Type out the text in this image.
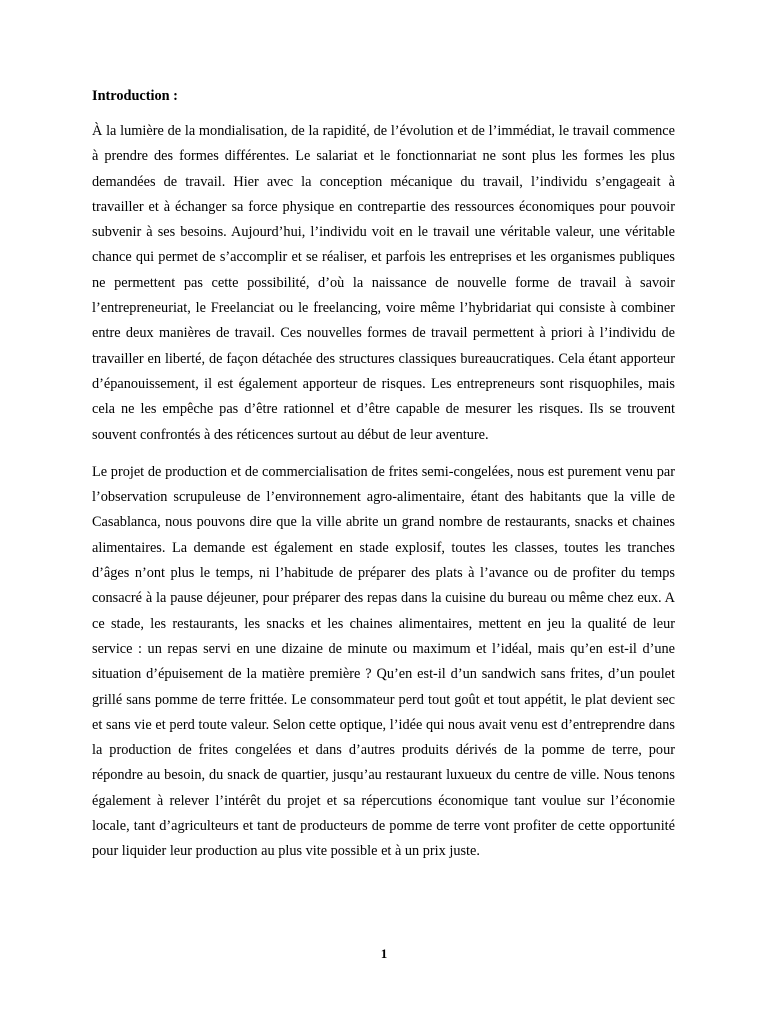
Introduction :

À la lumière de la mondialisation, de la rapidité, de l’évolution et de l’immédiat, le travail commence à prendre des formes différentes. Le salariat et le fonctionnariat ne sont plus les formes les plus demandées de travail. Hier avec la conception mécanique du travail, l’individu s’engageait à travailler et à échanger sa force physique en contrepartie des ressources économiques pour pouvoir subvenir à ses besoins. Aujourd’hui, l’individu voit en le travail une véritable valeur, une véritable chance qui permet de s’accomplir et se réaliser, et parfois les entreprises et les organismes publiques ne permettent pas cette possibilité, d’où la naissance de nouvelle forme de travail à savoir l’entrepreneuriat, le Freelanciat ou le freelancing, voire même l’hybridariat qui consiste à combiner entre deux manières de travail. Ces nouvelles formes de travail permettent à priori à l’individu de travailler en liberté, de façon détachée des structures classiques bureaucratiques. Cela étant apporteur d’épanouissement, il est également apporteur de risques. Les entrepreneurs sont risquophiles, mais cela ne les empêche pas d’être rationnel et d’être capable de mesurer les risques. Ils se trouvent souvent confrontés à des réticences surtout au début de leur aventure.

Le projet de production et de commercialisation de frites semi-congelées, nous est purement venu par l’observation scrupuleuse de l’environnement agro-alimentaire, étant des habitants que la ville de Casablanca, nous pouvons dire que la ville abrite un grand nombre de restaurants, snacks et chaines alimentaires. La demande est également en stade explosif, toutes les classes, toutes les tranches d’âges n’ont plus le temps, ni l’habitude de préparer des plats à l’avance ou de profiter du temps consacré à la pause déjeuner, pour préparer des repas dans la cuisine du bureau ou même chez eux. A ce stade, les restaurants, les snacks et les chaines alimentaires, mettent en jeu la qualité de leur service : un repas servi en une dizaine de minute ou maximum et l’idéal, mais qu’en est-il d’une situation d’épuisement de la matière première ? Qu’en est-il d’un sandwich sans frites, d’un poulet grillé sans pomme de terre frittée. Le consommateur perd tout goût et tout appétit, le plat devient sec et sans vie et perd toute valeur. Selon cette optique, l’idée qui nous avait venu est d’entreprendre dans la production de frites congelées et dans d’autres produits dérivés de la pomme de terre, pour répondre au besoin, du snack de quartier, jusqu’au restaurant luxueux du centre de ville. Nous tenons également à relever l’intérêt du projet et sa répercutions économique tant voulue sur l’économie locale, tant d’agriculteurs et tant de producteurs de pomme de terre vont profiter de cette opportunité pour liquider leur production au plus vite possible et à un prix juste.

1
